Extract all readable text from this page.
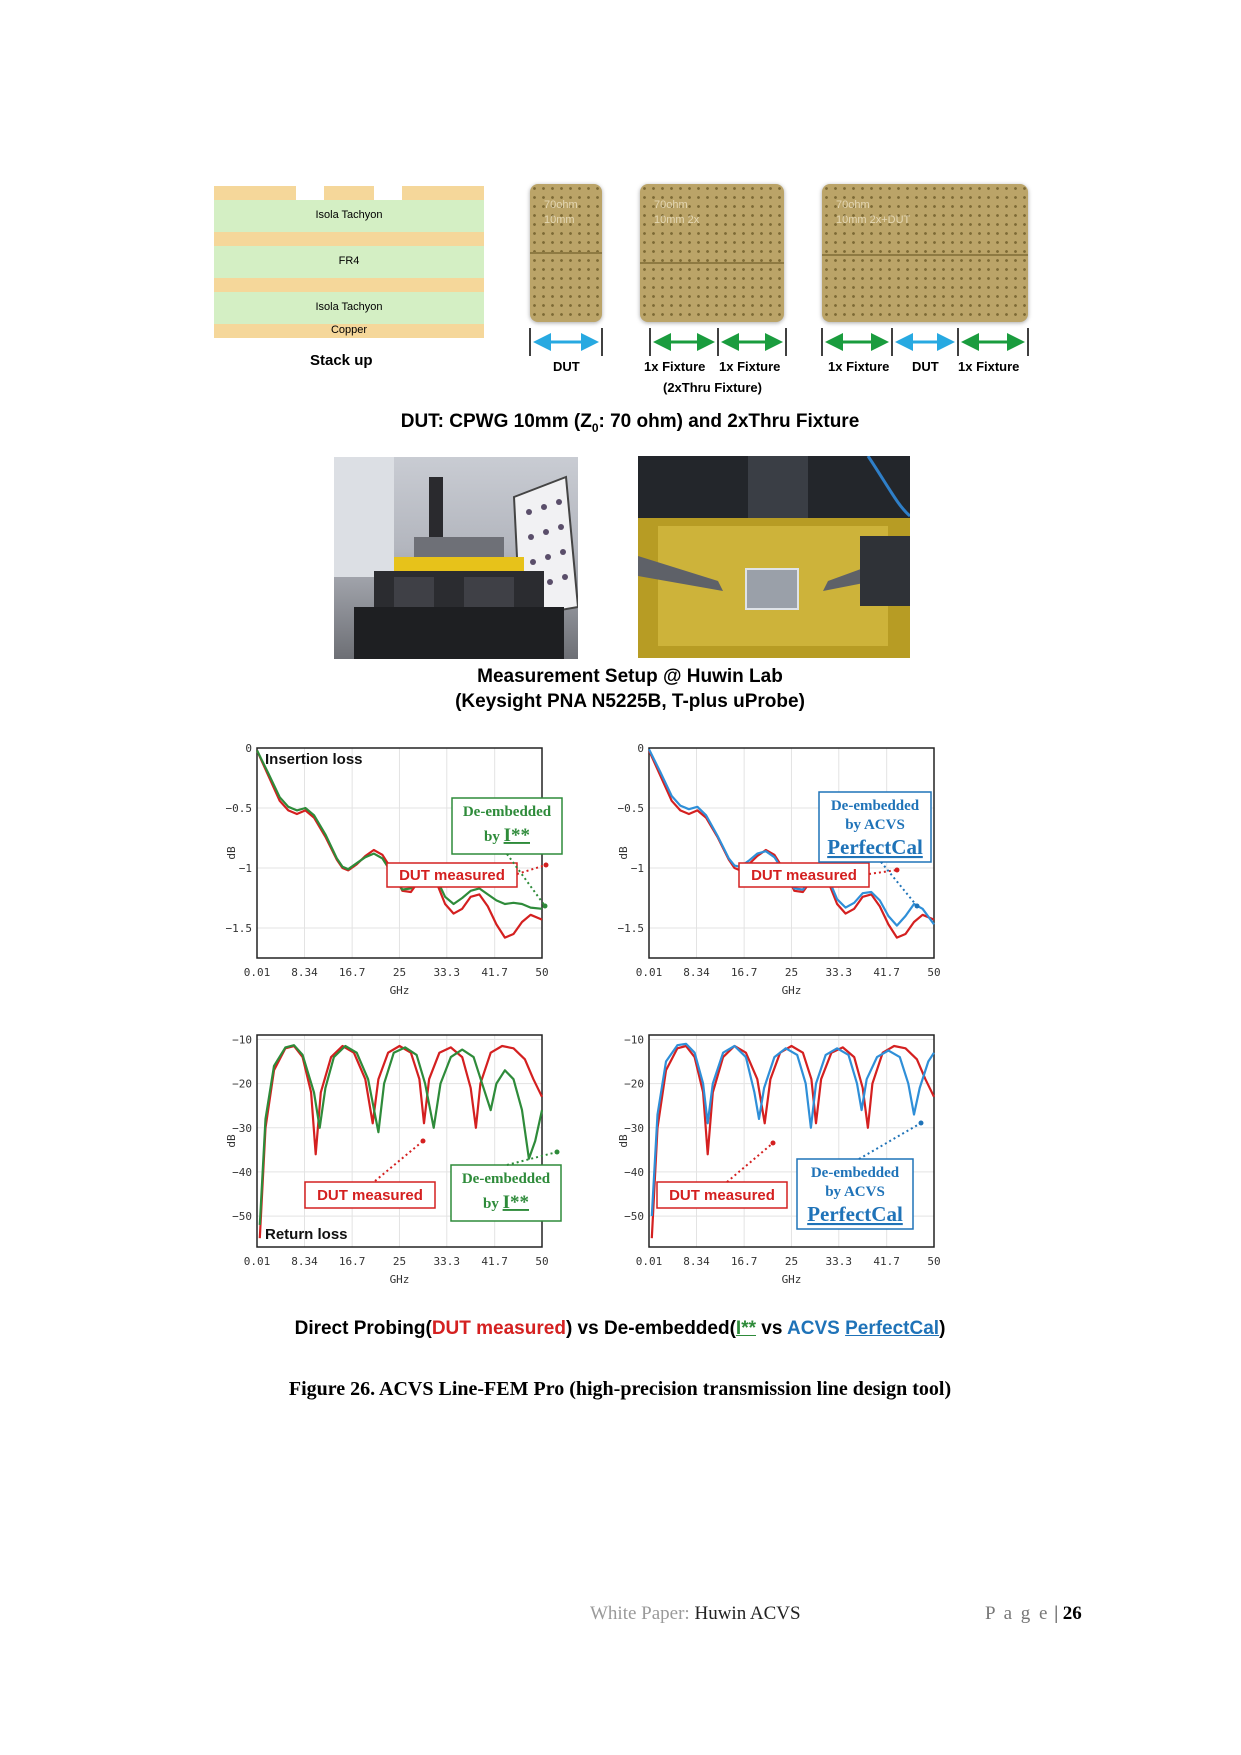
Isola Tachyon
FR4
Isola Tachyon
Copper
Stack up
70ohm
10mm
70ohm
10mm 2x
70ohm
10mm 2x+DUT
DUT	1x Fixture 1x Fixture
(2xThru Fixture)
1x Fixture DUT 1x Fixture
DUT: CPWG 10mm ($Z_0$: 70 ohm) and 2xThru Fixture
Measurement Setup @ Huwin Lab
(Keysight PNA N5225B, T-plus uProbe)
0.01 8.34 16.7 25 33.3 41.7 50
0
−0.5
−1
−1.5
GHz
dB
Insertion loss
DUT measured
De-embedded
by I**
0.01 8.34 16.7 25 33.3 41.7 50
0
−0.5
−1
−1.5
GHz
dB
DUT measured
De-embedded
by ACVS
PerfectCal
0.01 8.34 16.7 25 33.3 41.7 50
−10
−20
−30
−40
−50
GHz
dB
Return loss
DUT measured
De-embedded
by I**
0.01 8.34 16.7 25 33.3 41.7 50
−10
−20
−30
−40
−50
GHz
dB
DUT measured
De-embedded
by ACVS
PerfectCal
Direct Probing(DUT measured) vs De-embedded(I** vs ACVS PerfectCal)
Figure 26. ACVS Line-FEM Pro (high-precision transmission line design tool)
White Paper: Huwin ACVS	P a g e | 26
